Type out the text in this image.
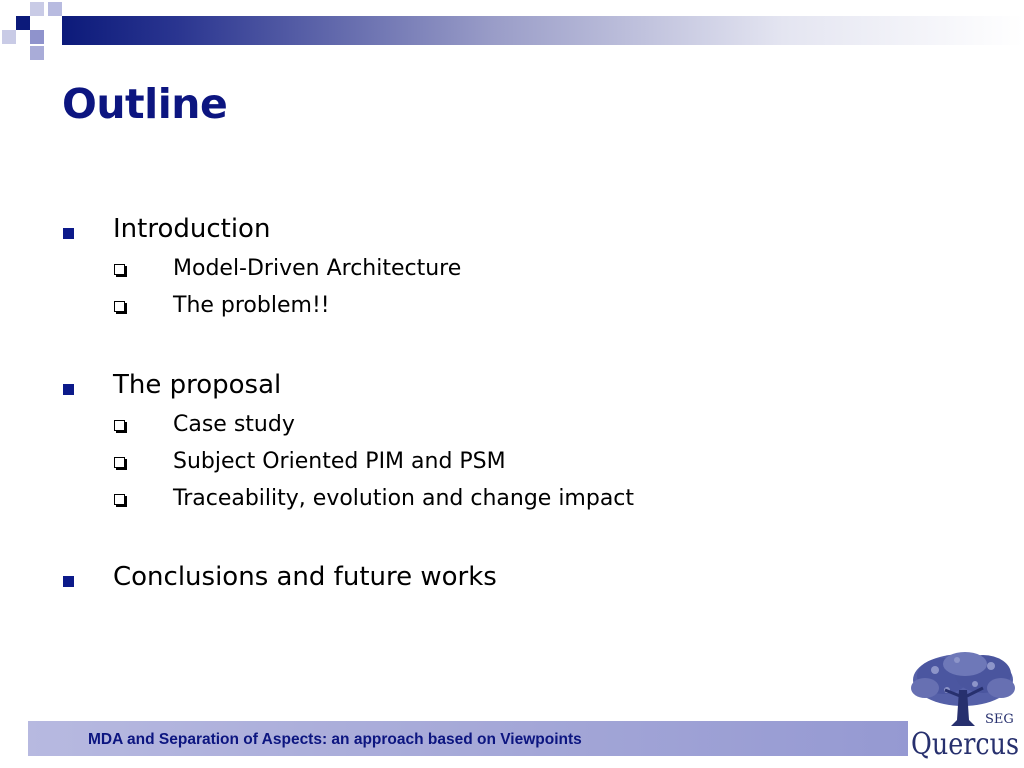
Outline
Introduction
Model-Driven Architecture
The problem!!
The proposal
Case study
Subject Oriented PIM and PSM
Traceability, evolution and change impact
Conclusions and future works
MDA and Separation of Aspects: an approach based on Viewpoints
SEG
Quercus
